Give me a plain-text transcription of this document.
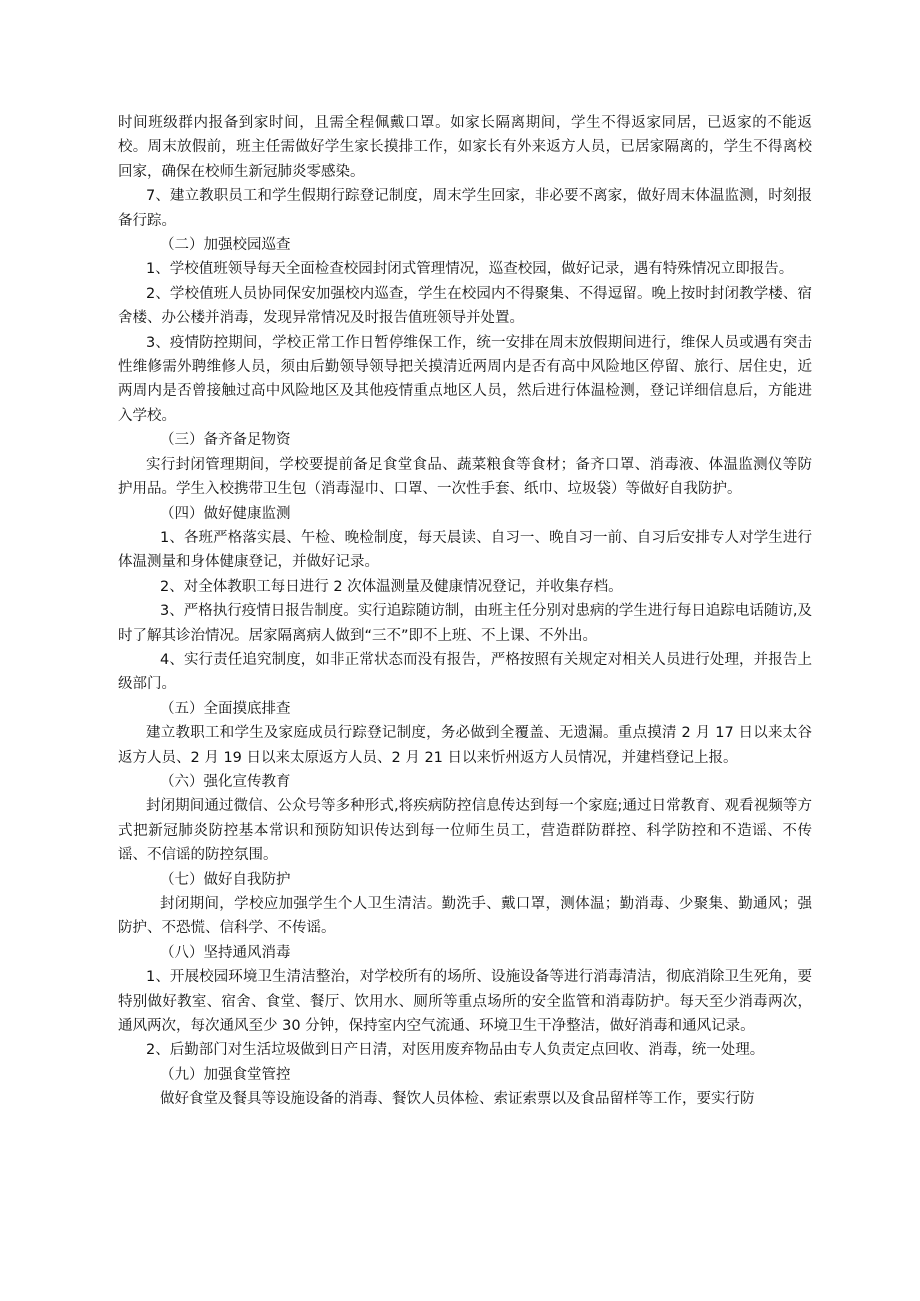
时间班级群内报备到家时间，且需全程佩戴口罩。如家长隔离期间，学生不得返家同居，已返家的不能返校。周末放假前，班主任需做好学生家长摸排工作，如家长有外来返方人员，已居家隔离的，学生不得离校回家，确保在校师生新冠肺炎零感染。

7、建立教职员工和学生假期行踪登记制度，周末学生回家，非必要不离家，做好周末体温监测，时刻报备行踪。

（二）加强校园巡查

1、学校值班领导每天全面检查校园封闭式管理情况，巡查校园，做好记录，遇有特殊情况立即报告。

2、学校值班人员协同保安加强校内巡查，学生在校园内不得聚集、不得逗留。晚上按时封闭教学楼、宿舍楼、办公楼并消毒，发现异常情况及时报告值班领导并处置。

3、疫情防控期间，学校正常工作日暂停维保工作，统一安排在周末放假期间进行，维保人员或遇有突击性维修需外聘维修人员，须由后勤领导领导把关摸清近两周内是否有高中风险地区停留、旅行、居住史，近两周内是否曾接触过高中风险地区及其他疫情重点地区人员，然后进行体温检测，登记详细信息后，方能进入学校。

（三）备齐备足物资

实行封闭管理期间，学校要提前备足食堂食品、蔬菜粮食等食材；备齐口罩、消毒液、体温监测仪等防护用品。学生入校携带卫生包（消毒湿巾、口罩、一次性手套、纸巾、垃圾袋）等做好自我防护。

（四）做好健康监测

1、各班严格落实晨、午检、晚检制度，每天晨读、自习一、晚自习一前、自习后安排专人对学生进行体温测量和身体健康登记，并做好记录。

2、对全体教职工每日进行 2 次体温测量及健康情况登记，并收集存档。

3、严格执行疫情日报告制度。实行追踪随访制，由班主任分别对患病的学生进行每日追踪电话随访,及时了解其诊治情况。居家隔离病人做到“三不”即不上班、不上课、不外出。

4、实行责任追究制度，如非正常状态而没有报告，严格按照有关规定对相关人员进行处理，并报告上级部门。

（五）全面摸底排查

建立教职工和学生及家庭成员行踪登记制度，务必做到全覆盖、无遗漏。重点摸清 2 月 17 日以来太谷返方人员、2 月 19 日以来太原返方人员、2 月 21 日以来忻州返方人员情况，并建档登记上报。

（六）强化宣传教育

封闭期间通过微信、公众号等多种形式,将疾病防控信息传达到每一个家庭;通过日常教育、观看视频等方式把新冠肺炎防控基本常识和预防知识传达到每一位师生员工，营造群防群控、科学防控和不造谣、不传谣、不信谣的防控氛围。

（七）做好自我防护

封闭期间，学校应加强学生个人卫生清洁。勤洗手、戴口罩，测体温；勤消毒、少聚集、勤通风；强防护、不恐慌、信科学、不传谣。

（八）坚持通风消毒

1、开展校园环境卫生清洁整治，对学校所有的场所、设施设备等进行消毒清洁，彻底消除卫生死角，要特别做好教室、宿舍、食堂、餐厅、饮用水、厕所等重点场所的安全监管和消毒防护。每天至少消毒两次，通风两次，每次通风至少 30 分钟，保持室内空气流通、环境卫生干净整洁，做好消毒和通风记录。

2、后勤部门对生活垃圾做到日产日清，对医用废弃物品由专人负责定点回收、消毒，统一处理。

（九）加强食堂管控

做好食堂及餐具等设施设备的消毒、餐饮人员体检、索证索票以及食品留样等工作，要实行防
